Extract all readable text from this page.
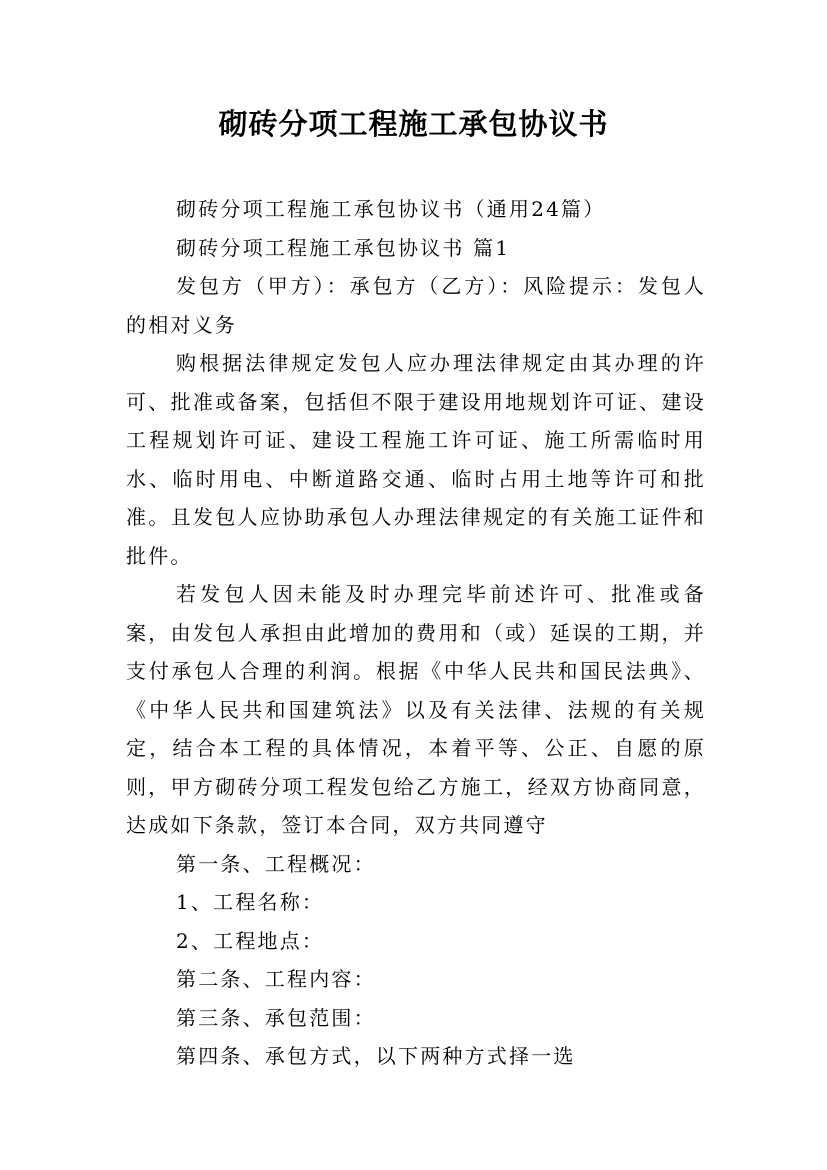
砌砖分项工程施工承包协议书

砌砖分项工程施工承包协议书（通用24篇）

砌砖分项工程施工承包协议书 篇1

发包方（甲方）：承包方（乙方）：风险提示：发包人的相对义务

购根据法律规定发包人应办理法律规定由其办理的许可、批准或备案，包括但不限于建设用地规划许可证、建设工程规划许可证、建设工程施工许可证、施工所需临时用水、临时用电、中断道路交通、临时占用土地等许可和批准。且发包人应协助承包人办理法律规定的有关施工证件和批件。

若发包人因未能及时办理完毕前述许可、批准或备案，由发包人承担由此增加的费用和（或）延误的工期，并支付承包人合理的利润。根据《中华人民共和国民法典》、《中华人民共和国建筑法》以及有关法律、法规的有关规定，结合本工程的具体情况，本着平等、公正、自愿的原则，甲方砌砖分项工程发包给乙方施工，经双方协商同意，达成如下条款，签订本合同，双方共同遵守

第一条、工程概况：

1、工程名称：

2、工程地点：

第二条、工程内容：

第三条、承包范围：

第四条、承包方式，以下两种方式择一选
